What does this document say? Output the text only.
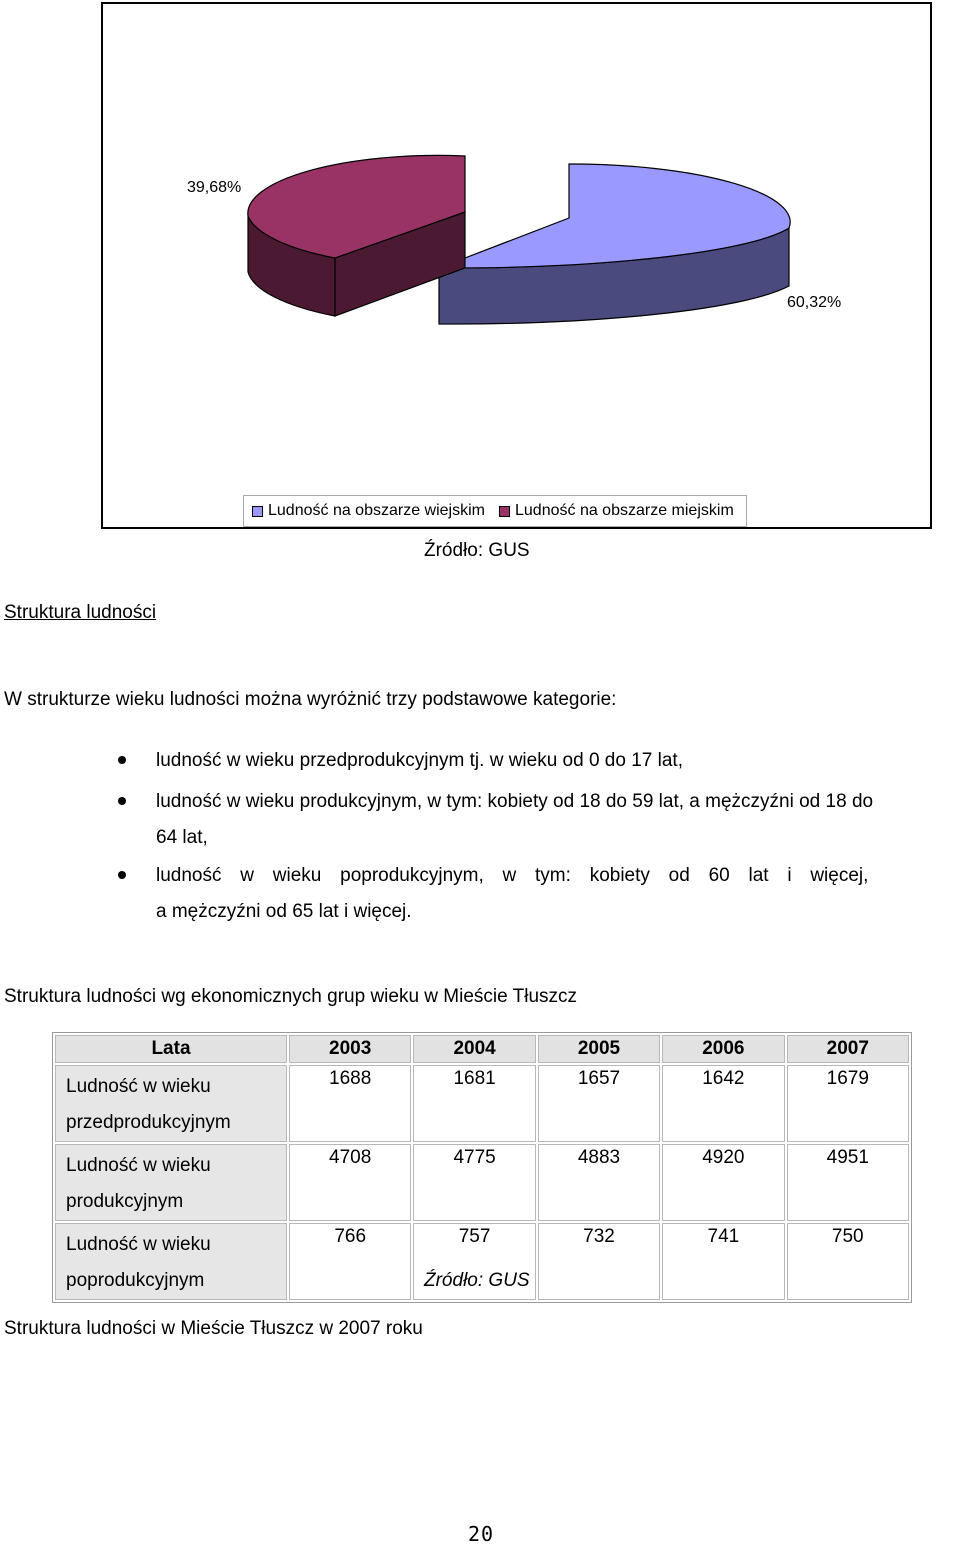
39,68%
60,32%
Ludność na obszarze wiejskim Ludność na obszarze miejskim
Źródło: GUS
Struktura ludności
W strukturze wieku ludności można wyróżnić trzy podstawowe kategorie:
ludność w wieku przedprodukcyjnym tj. w wieku od 0 do 17 lat,
ludność w wieku produkcyjnym, w tym: kobiety od 18 do 59 lat, a mężczyźni od 18 do
64 lat,
ludność w wieku poprodukcyjnym, w tym: kobiety od 60 lat i więcej,
a mężczyźni od 65 lat i więcej.
Struktura ludności wg ekonomicznych grup wieku w Mieście Tłuszcz
Lata	2003	2004	2005	2006	2007
Ludność w wieku
przedprodukcyjnym	1688	1681	1657	1642	1679
Ludność w wieku
produkcyjnym	4708	4775	4883	4920	4951
Ludność w wieku
poprodukcyjnym	766	757	732	741	750
Źródło: GUS
Struktura ludności w Mieście Tłuszcz w 2007 roku
20
